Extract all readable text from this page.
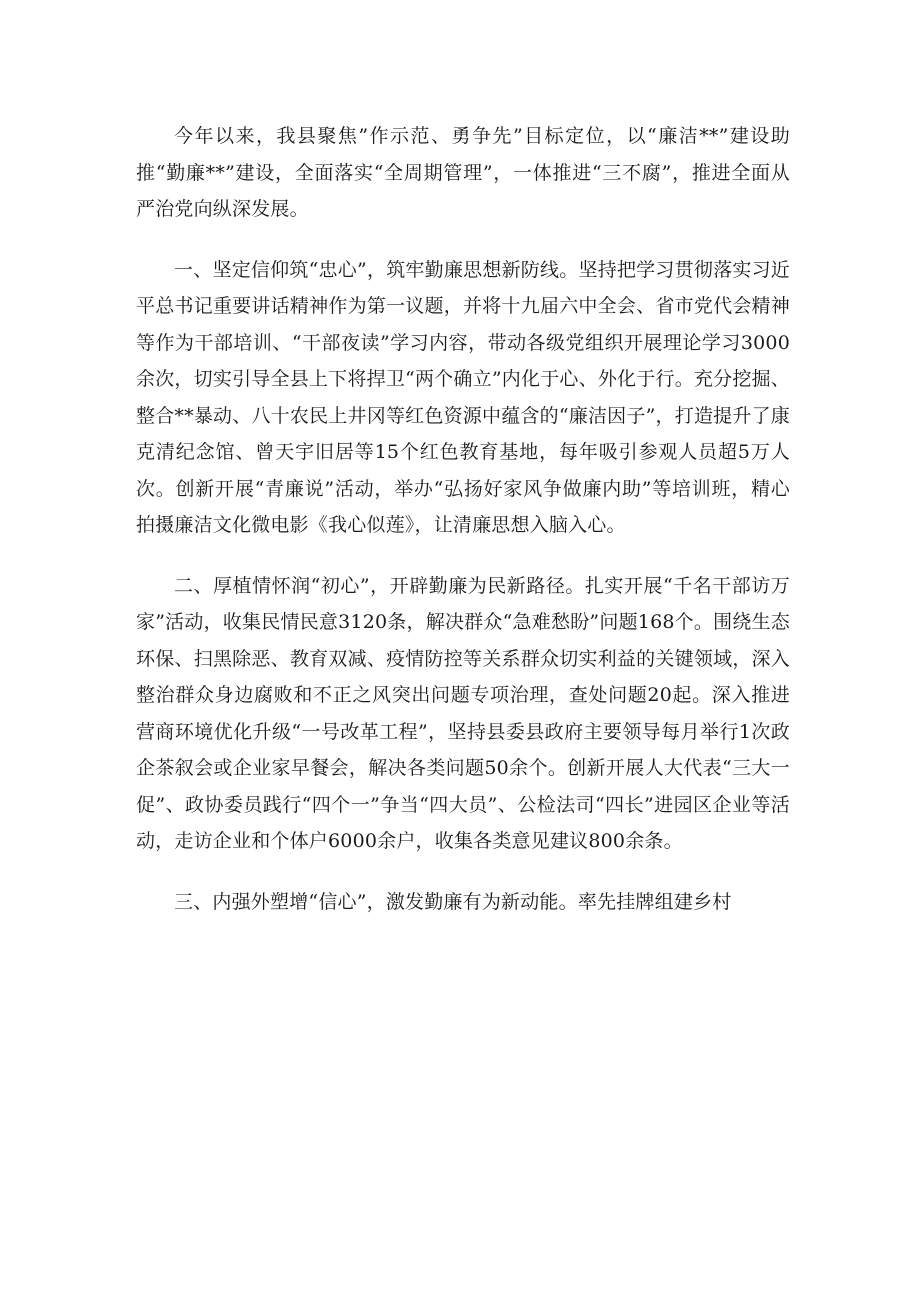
今年以来，我县聚焦”作示范、勇争先”目标定位，以“廉洁**”建设助推“勤廉**”建设，全面落实“全周期管理”，一体推进“三不腐”，推进全面从严治党向纵深发展。

一、坚定信仰筑“忠心”，筑牢勤廉思想新防线。坚持把学习贯彻落实习近平总书记重要讲话精神作为第一议题，并将十九届六中全会、省市党代会精神等作为干部培训、“干部夜读”学习内容，带动各级党组织开展理论学习3000余次，切实引导全县上下将捍卫“两个确立”内化于心、外化于行。充分挖掘、整合**暴动、八十农民上井冈等红色资源中蕴含的“廉洁因子”，打造提升了康克清纪念馆、曾天宇旧居等15个红色教育基地，每年吸引参观人员超5万人次。创新开展“青廉说”活动，举办“弘扬好家风争做廉内助”等培训班，精心拍摄廉洁文化微电影《我心似莲》，让清廉思想入脑入心。

二、厚植情怀润“初心”，开辟勤廉为民新路径。扎实开展“千名干部访万家”活动，收集民情民意3120条，解决群众“急难愁盼”问题168个。围绕生态环保、扫黑除恶、教育双减、疫情防控等关系群众切实利益的关键领域，深入整治群众身边腐败和不正之风突出问题专项治理，查处问题20起。深入推进营商环境优化升级“一号改革工程”，坚持县委县政府主要领导每月举行1次政企茶叙会或企业家早餐会，解决各类问题50余个。创新开展人大代表“三大一促”、政协委员践行“四个一”争当“四大员”、公检法司“四长”进园区企业等活动，走访企业和个体户6000余户，收集各类意见建议800余条。

三、内强外塑增“信心”，激发勤廉有为新动能。率先挂牌组建乡村
